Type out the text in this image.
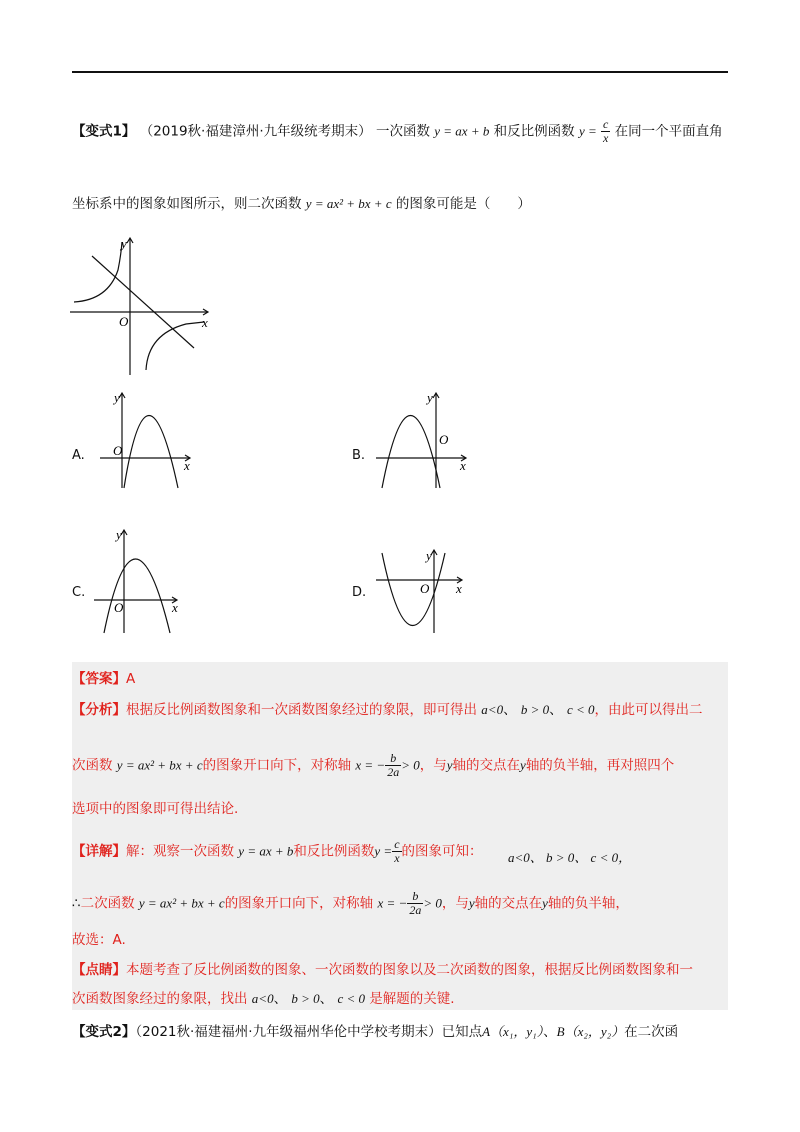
【变式1】 （2019秋·福建漳州·九年级统考期末） 一次函数 y = ax + b 和反比例函数 $y = \frac{c}{x}$ 在同一个平面直角
坐标系中的图象如图所示，则二次函数 y = ax² + bx + c 的图象可能是（　　）
y
x
O
A.
y
x
O	B.
y
x
O
C.
y
x
O
D.
y
x
O
【答案】A
【分析】根据反比例函数图象和一次函数图象经过的象限，即可得出 a<0、 b > 0、 c < 0，由此可以得出二
次函数 y = ax² + bx + c的图象开口向下，对称轴 x = − $\frac{b}{2a} > 0$，与y轴的交点在y轴的负半轴，再对照四个
选项中的图象即可得出结论.
【详解】解：观察一次函数 y = ax + b和反比例函数$y = \frac{c}{x}$ 的图象可知： a<0、 b > 0、 c < 0，
∴二次函数 y = ax² + bx + c的图象开口向下，对称轴 x = − $\frac{b}{2a} > 0$，与y轴的交点在y轴的负半轴，
故选：A.
【点睛】本题考查了反比例函数的图象、一次函数的图象以及二次函数的图象，根据反比例函数图象和一
次函数图象经过的象限，找出 a<0、 b > 0、 c < 0 是解题的关键.
【变式2】（2021秋·福建福州·九年级福州华伦中学校考期末）已知点A（x₁，y₁）、B（x₂，y₂）在二次函
